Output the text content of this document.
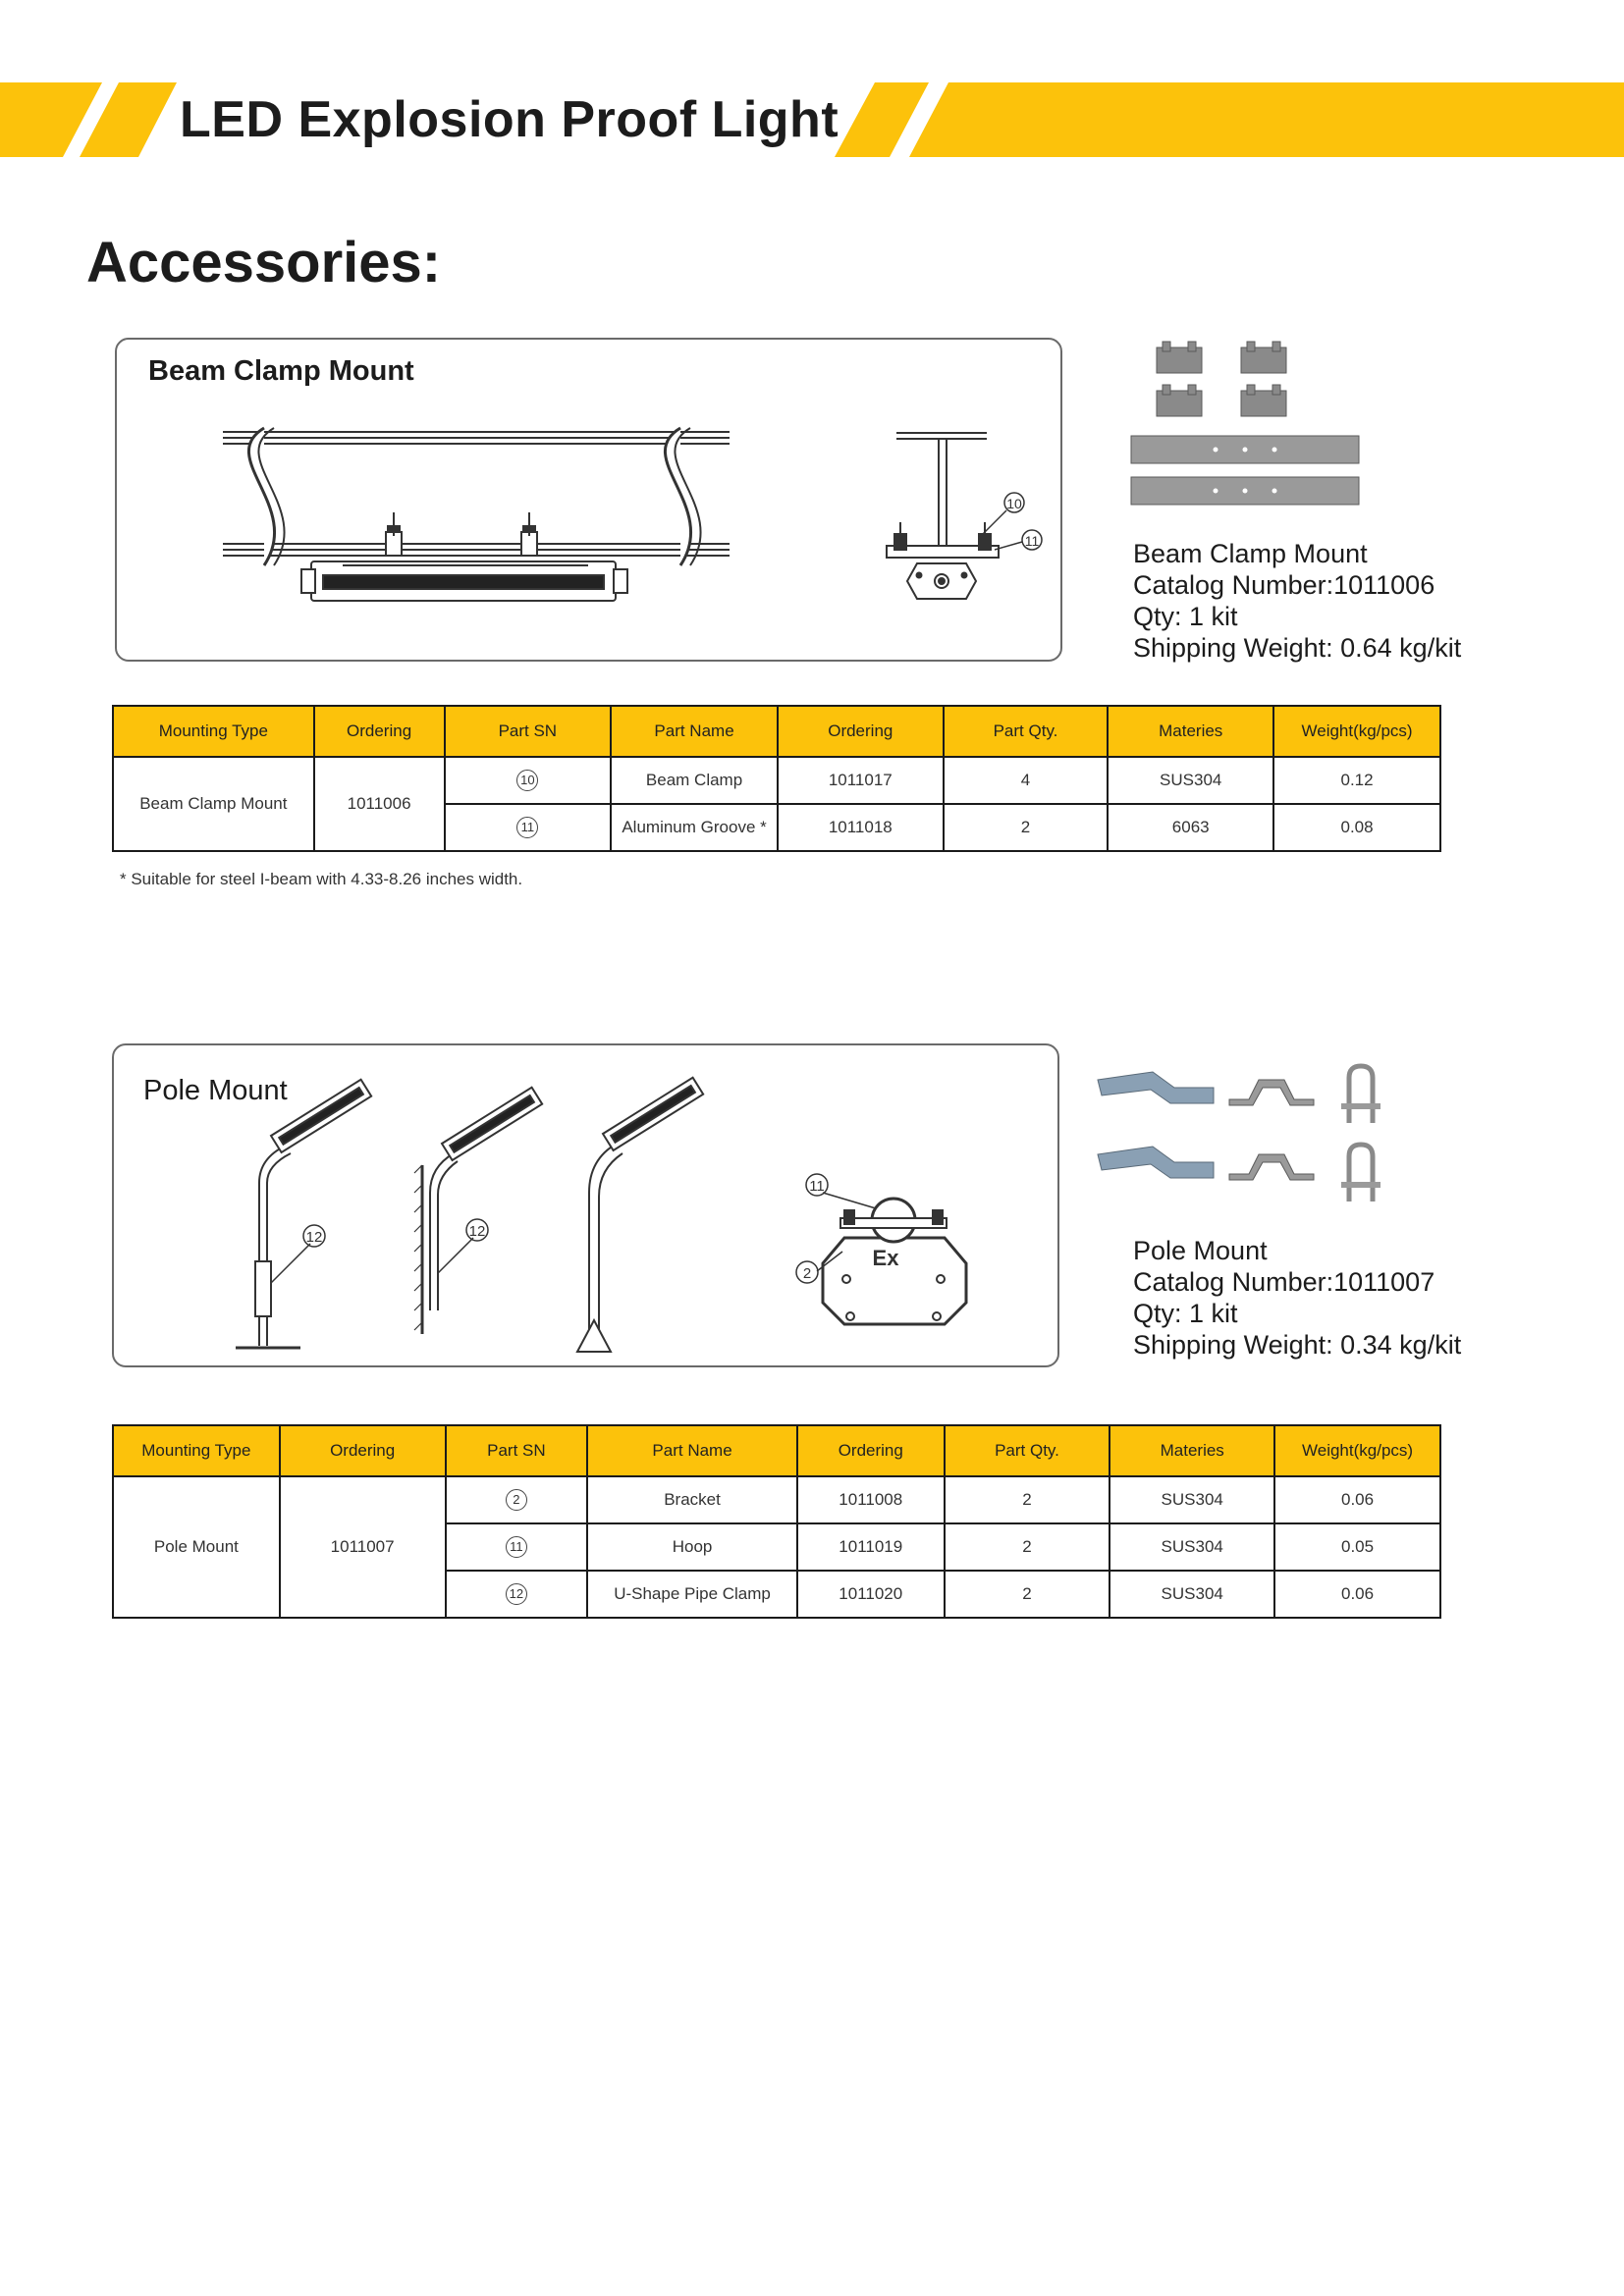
LED Explosion Proof Light
Accessories:
Beam Clamp Mount
10
11	Beam Clamp Mount
Catalog Number:1011006
Qty: 1 kit
Shipping Weight: 0.64 kg/kit
Mounting Type	Ordering	Part SN	Part Name	Ordering	Part Qty.	Materies	Weight(kg/pcs)
Beam Clamp Mount	1011006	10	Beam Clamp	1011017	4	SUS304	0.12
		11	Aluminum Groove *	1011018	2	6063	0.08
* Suitable for steel I-beam with 4.33-8.26 inches width.
Pole Mount
12	12
Ex
11
2
Pole Mount
Catalog Number:1011007
Qty: 1 kit
Shipping Weight: 0.34 kg/kit
Mounting Type	Ordering	Part SN	Part Name	Ordering	Part Qty.	Materies	Weight(kg/pcs)
Pole Mount	1011007	2	Bracket	1011008	2	SUS304	0.06
		11	Hoop	1011019	2	SUS304	0.05
		12	U-Shape Pipe Clamp	1011020	2	SUS304	0.06
